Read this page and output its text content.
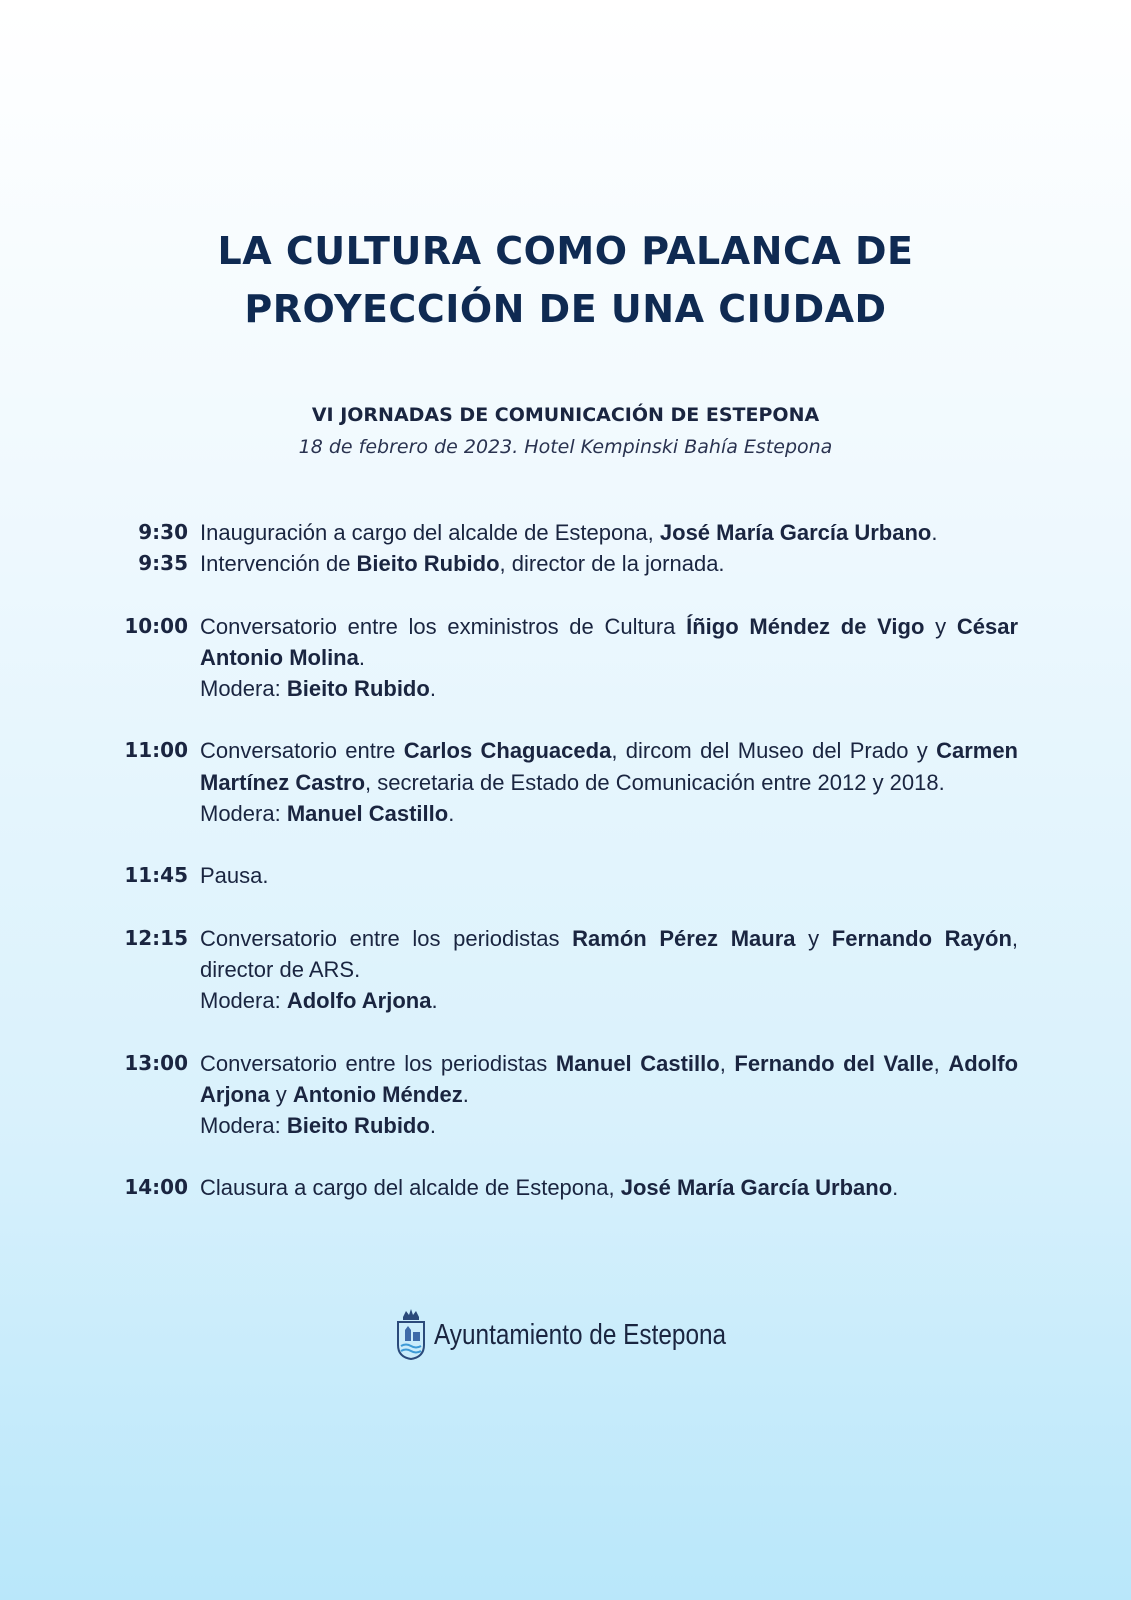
LA CULTURA COMO PALANCA DE
PROYECCIÓN DE UNA CIUDAD
VI JORNADAS DE COMUNICACIÓN DE ESTEPONA
18 de febrero de 2023. Hotel Kempinski Bahía Estepona
9:30 Inauguración a cargo del alcalde de Estepona, José María García Urbano.
9:35 Intervención de Bieito Rubido, director de la jornada.
10:00 Conversatorio entre los exministros de Cultura Íñigo Méndez de Vigo y César Antonio Molina.
Modera: Bieito Rubido.
11:00 Conversatorio entre Carlos Chaguaceda, dircom del Museo del Prado y Carmen Martínez Castro, secretaria de Estado de Comunicación entre 2012 y 2018.
Modera: Manuel Castillo.
11:45 Pausa.
12:15 Conversatorio entre los periodistas Ramón Pérez Maura y Fernando Rayón, director de ARS.
Modera: Adolfo Arjona.
13:00 Conversatorio entre los periodistas Manuel Castillo, Fernando del Valle, Adolfo Arjona y Antonio Méndez.
Modera: Bieito Rubido.
14:00 Clausura a cargo del alcalde de Estepona, José María García Urbano.
Ayuntamiento de Estepona
